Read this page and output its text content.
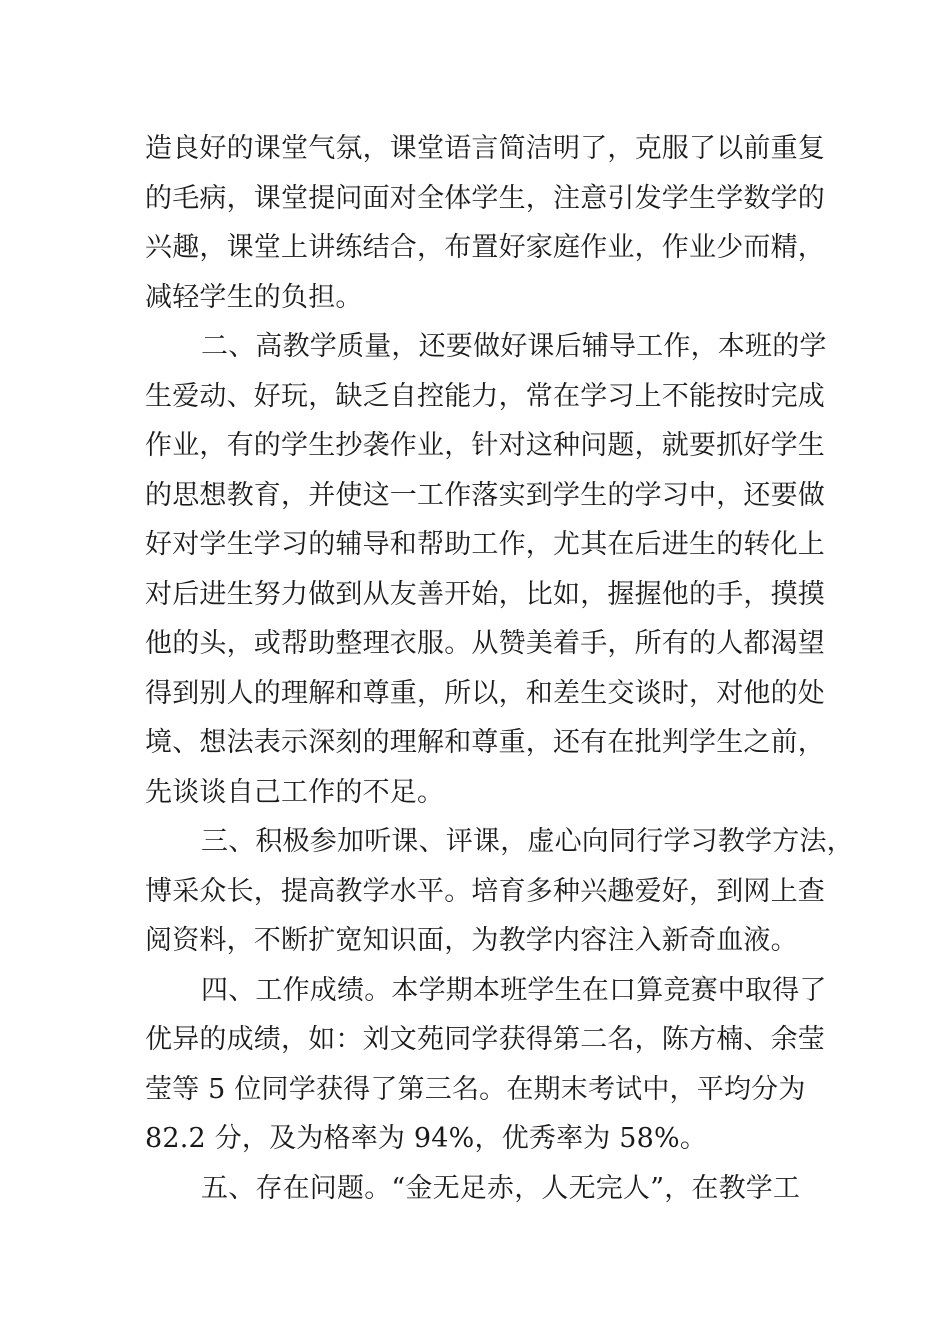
造良好的课堂气氛，课堂语言简洁明了，克服了以前重复
的毛病，课堂提问面对全体学生，注意引发学生学数学的
兴趣，课堂上讲练结合，布置好家庭作业，作业少而精，
减轻学生的负担。
二、高教学质量，还要做好课后辅导工作，本班的学
生爱动、好玩，缺乏自控能力，常在学习上不能按时完成
作业，有的学生抄袭作业，针对这种问题，就要抓好学生
的思想教育，并使这一工作落实到学生的学习中，还要做
好对学生学习的辅导和帮助工作，尤其在后进生的转化上
对后进生努力做到从友善开始，比如，握握他的手，摸摸
他的头，或帮助整理衣服。从赞美着手，所有的人都渴望
得到别人的理解和尊重，所以，和差生交谈时，对他的处
境、想法表示深刻的理解和尊重，还有在批判学生之前，
先谈谈自己工作的不足。
三、积极参加听课、评课，虚心向同行学习教学方法，
博采众长，提高教学水平。培育多种兴趣爱好，到网上查
阅资料，不断扩宽知识面，为教学内容注入新奇血液。
四、工作成绩。本学期本班学生在口算竞赛中取得了
优异的成绩，如：刘文苑同学获得第二名，陈方楠、余莹
莹等 5 位同学获得了第三名。在期末考试中，平均分为
82.2 分，及为格率为 94%，优秀率为 58%。
五、存在问题。“金无足赤，人无完人”，在教学工
